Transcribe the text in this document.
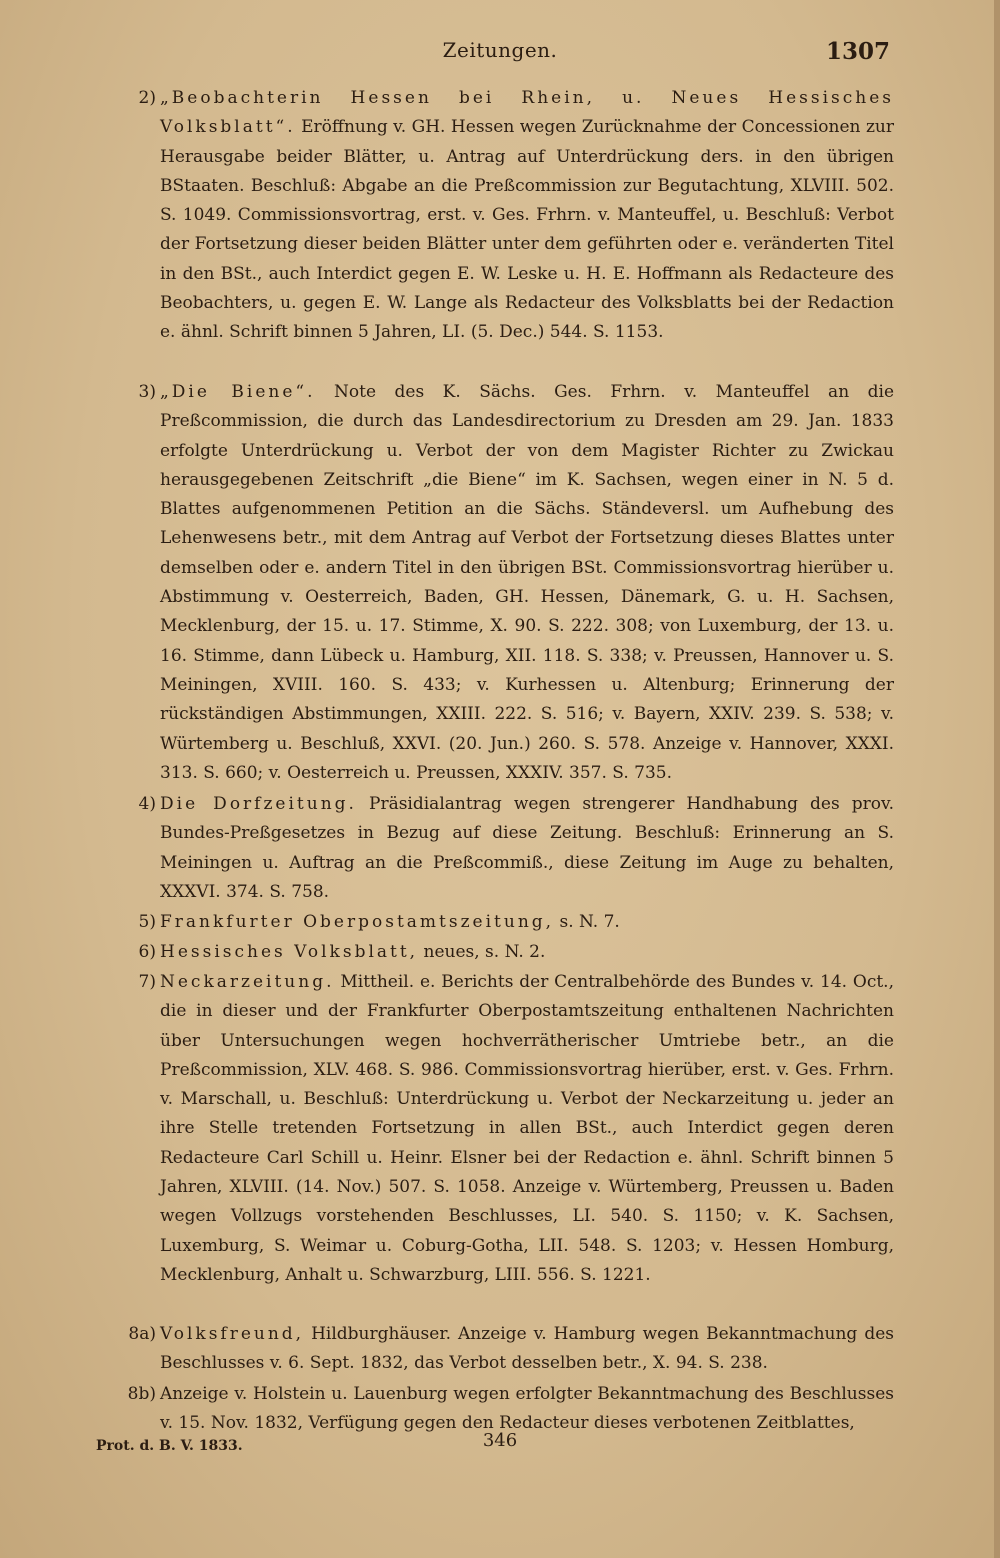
Zeitungen.	1307
2) „Beobachterin Hessen bei Rhein, u. Neues Hessisches Volksblatt“. Eröffnung v. GH. Hessen wegen Zurücknahme der Concessionen zur Herausgabe beider Blätter, u. Antrag auf Unterdrückung ders. in den übrigen BStaaten. Beschluß: Abgabe an die Preßcommission zur Begutachtung, XLVIII. 502. S. 1049. Commissionsvortrag, erst. v. Ges. Frhrn. v. Manteuffel, u. Beschluß: Verbot der Fortsetzung dieser beiden Blätter unter dem geführten oder e. veränderten Titel in den BSt., auch Interdict gegen E. W. Leske u. H. E. Hoffmann als Redacteure des Beobachters, u. gegen E. W. Lange als Redacteur des Volksblatts bei der Redaction e. ähnl. Schrift binnen 5 Jahren, LI. (5. Dec.) 544. S. 1153.
3) „Die Biene“. Note des K. Sächs. Ges. Frhrn. v. Manteuffel an die Preßcommission, die durch das Landesdirectorium zu Dresden am 29. Jan. 1833 erfolgte Unterdrückung u. Verbot der von dem Magister Richter zu Zwickau herausgegebenen Zeitschrift „die Biene“ im K. Sachsen, wegen einer in N. 5 d. Blattes aufgenommenen Petition an die Sächs. Ständeversl. um Aufhebung des Lehenwesens betr., mit dem Antrag auf Verbot der Fortsetzung dieses Blattes unter demselben oder e. andern Titel in den übrigen BSt. Commissionsvortrag hierüber u. Abstimmung v. Oesterreich, Baden, GH. Hessen, Dänemark, G. u. H. Sachsen, Mecklenburg, der 15. u. 17. Stimme, X. 90. S. 222. 308; von Luxemburg, der 13. u. 16. Stimme, dann Lübeck u. Hamburg, XII. 118. S. 338; v. Preussen, Hannover u. S. Meiningen, XVIII. 160. S. 433; v. Kurhessen u. Altenburg; Erinnerung der rückständigen Abstimmungen, XXIII. 222. S. 516; v. Bayern, XXIV. 239. S. 538; v. Würtemberg u. Beschluß, XXVI. (20. Jun.) 260. S. 578. Anzeige v. Hannover, XXXI. 313. S. 660; v. Oesterreich u. Preussen, XXXIV. 357. S. 735.
4) Die Dorfzeitung. Präsidialantrag wegen strengerer Handhabung des prov. Bundes-Preßgesetzes in Bezug auf diese Zeitung. Beschluß: Erinnerung an S. Meiningen u. Auftrag an die Preßcommiß., diese Zeitung im Auge zu behalten, XXXVI. 374. S. 758.
5) Frankfurter Oberpostamtszeitung, s. N. 7.
6) Hessisches Volksblatt, neues, s. N. 2.
7) Neckarzeitung. Mittheil. e. Berichts der Centralbehörde des Bundes v. 14. Oct., die in dieser und der Frankfurter Oberpostamtszeitung enthaltenen Nachrichten über Untersuchungen wegen hochverrätherischer Umtriebe betr., an die Preßcommission, XLV. 468. S. 986. Commissionsvortrag hierüber, erst. v. Ges. Frhrn. v. Marschall, u. Beschluß: Unterdrückung u. Verbot der Neckarzeitung u. jeder an ihre Stelle tretenden Fortsetzung in allen BSt., auch Interdict gegen deren Redacteure Carl Schill u. Heinr. Elsner bei der Redaction e. ähnl. Schrift binnen 5 Jahren, XLVIII. (14. Nov.) 507. S. 1058. Anzeige v. Würtemberg, Preussen u. Baden wegen Vollzugs vorstehenden Beschlusses, LI. 540. S. 1150; v. K. Sachsen, Luxemburg, S. Weimar u. Coburg-Gotha, LII. 548. S. 1203; v. Hessen Homburg, Mecklenburg, Anhalt u. Schwarzburg, LIII. 556. S. 1221.
8a) Volksfreund, Hildburghäuser. Anzeige v. Hamburg wegen Bekanntmachung des Beschlusses v. 6. Sept. 1832, das Verbot desselben betr., X. 94. S. 238.
8b) Anzeige v. Holstein u. Lauenburg wegen erfolgter Bekanntmachung des Beschlusses v. 15. Nov. 1832, Verfügung gegen den Redacteur dieses verbotenen Zeitblattes,
Prot. d. B. V. 1833.	346
